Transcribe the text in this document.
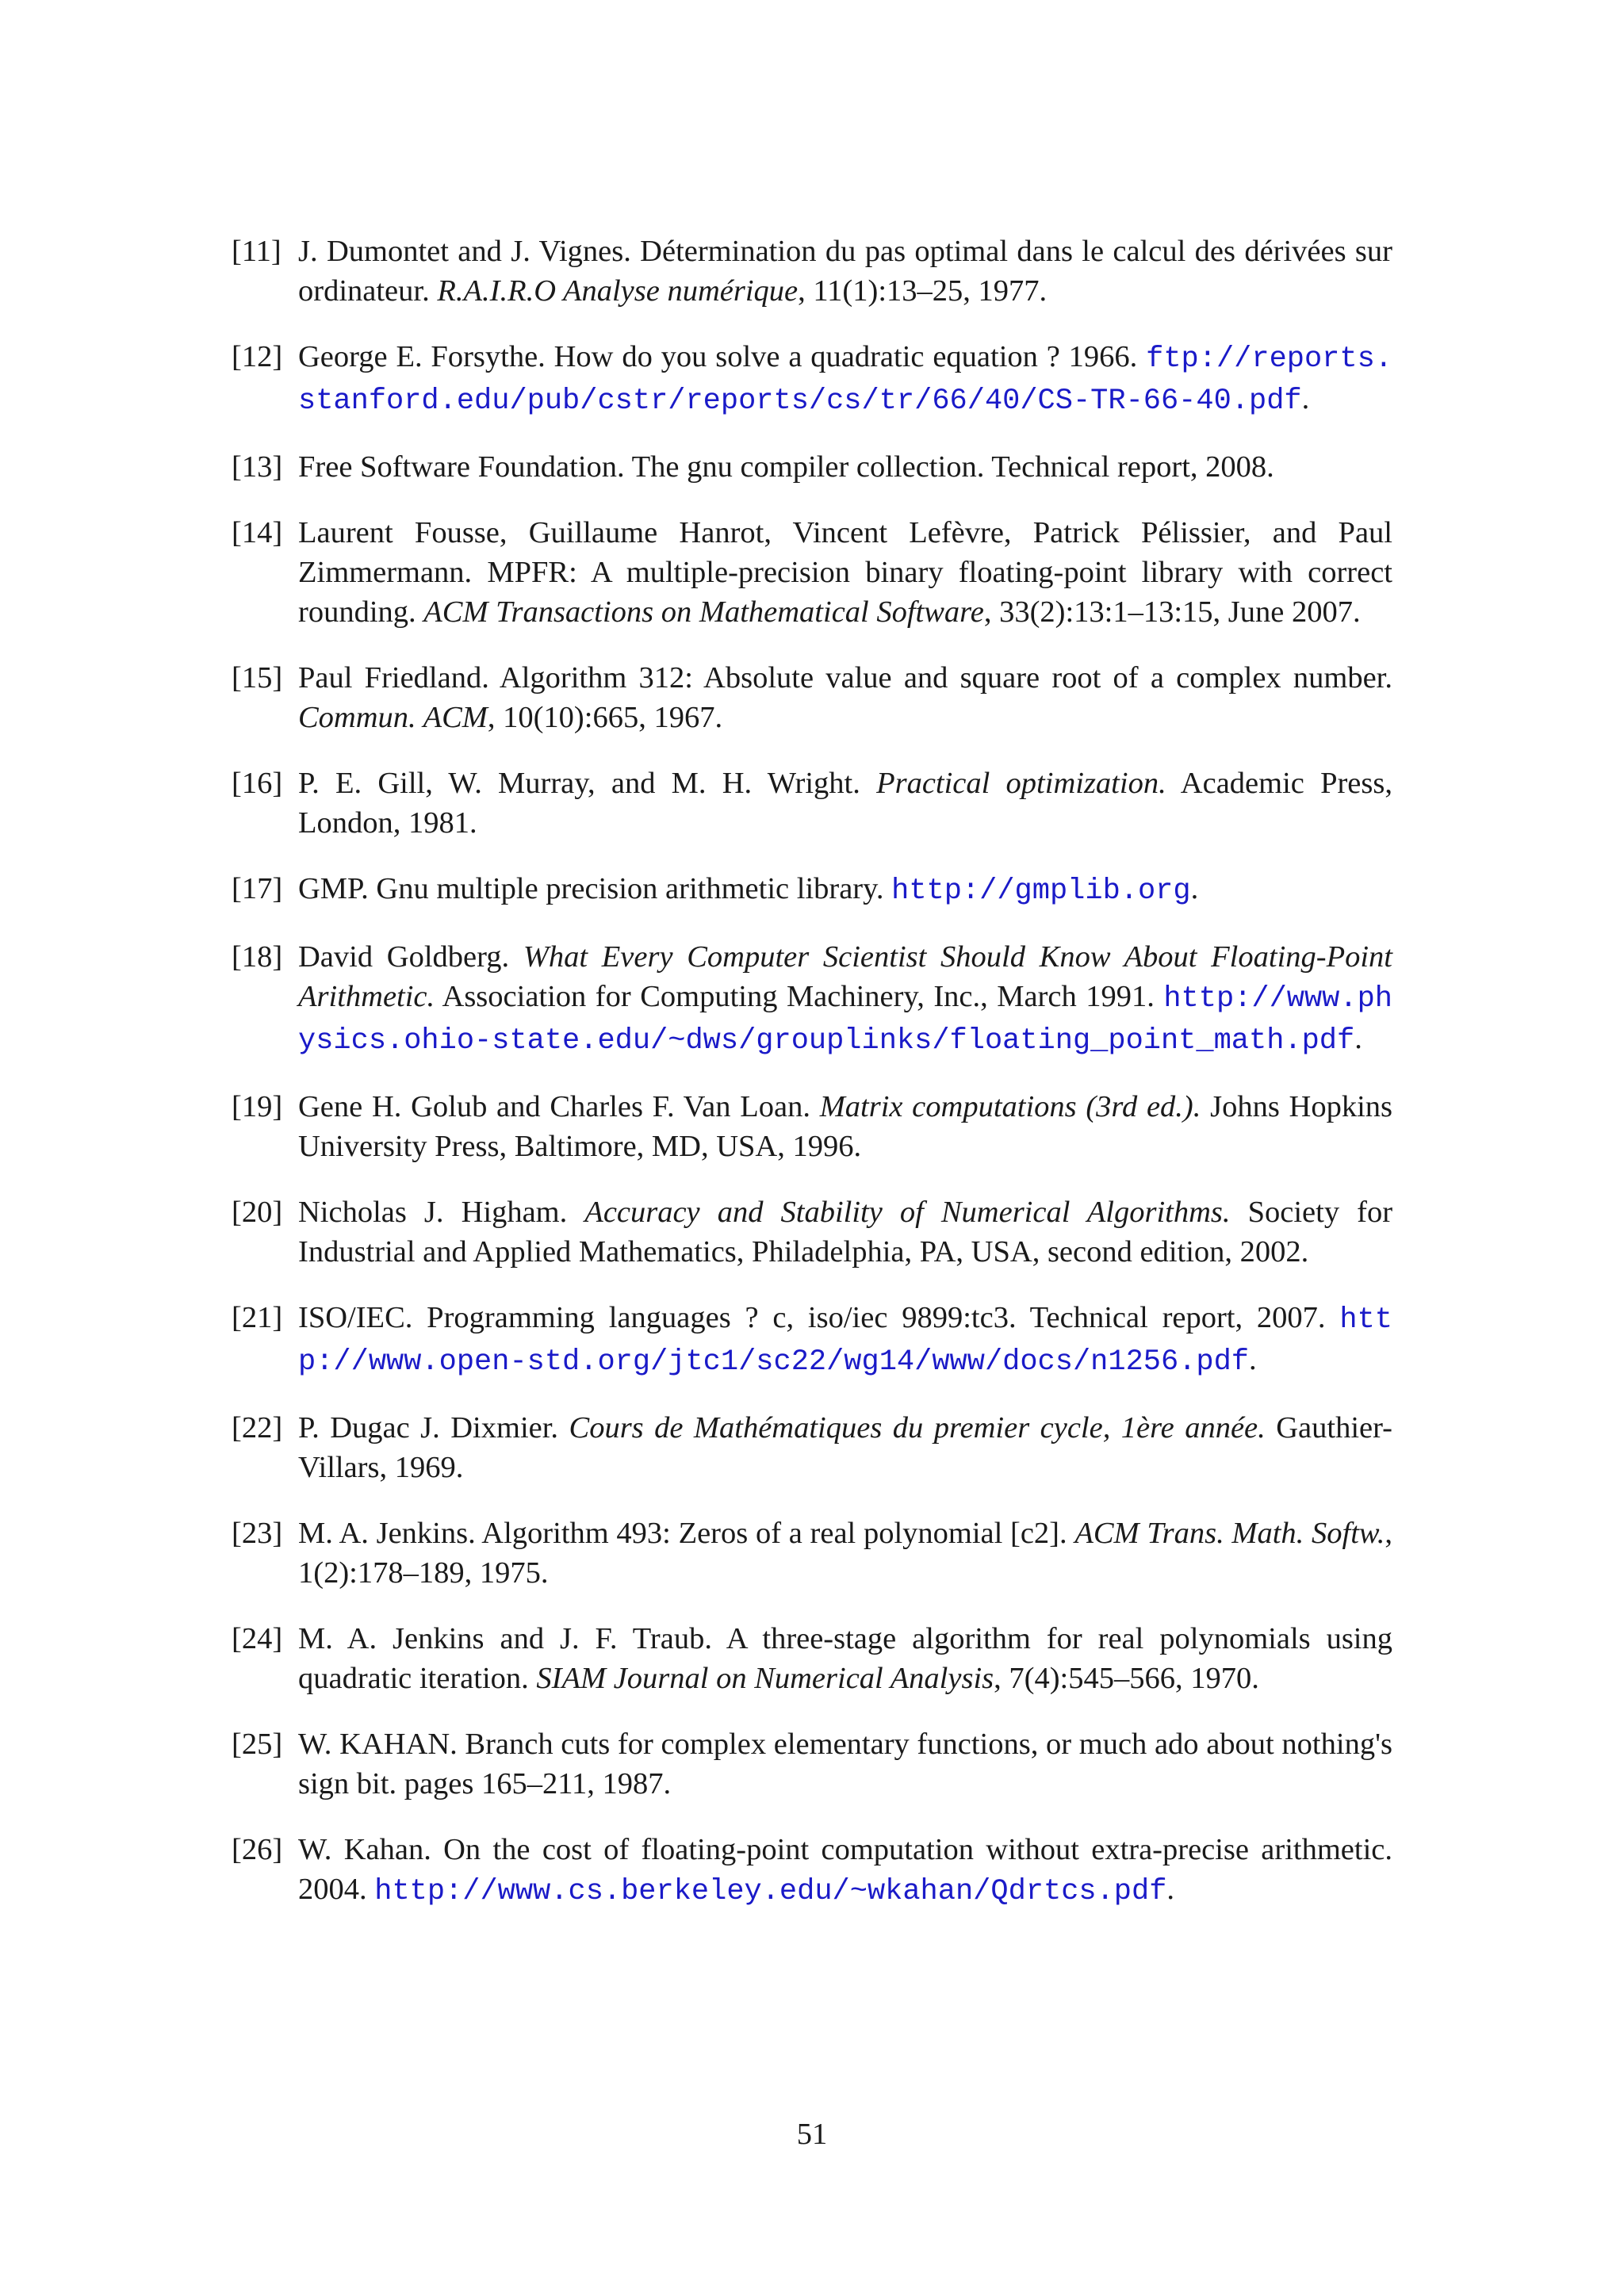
[11] J. Dumontet and J. Vignes. Détermination du pas optimal dans le calcul des dérivées sur ordinateur. R.A.I.R.O Analyse numérique, 11(1):13–25, 1977.
[12] George E. Forsythe. How do you solve a quadratic equation ? 1966. ftp://reports.stanford.edu/pub/cstr/reports/cs/tr/66/40/CS-TR-66-40.pdf.
[13] Free Software Foundation. The gnu compiler collection. Technical report, 2008.
[14] Laurent Fousse, Guillaume Hanrot, Vincent Lefèvre, Patrick Pélissier, and Paul Zimmermann. MPFR: A multiple-precision binary floating-point library with correct rounding. ACM Transactions on Mathematical Software, 33(2):13:1–13:15, June 2007.
[15] Paul Friedland. Algorithm 312: Absolute value and square root of a complex number. Commun. ACM, 10(10):665, 1967.
[16] P. E. Gill, W. Murray, and M. H. Wright. Practical optimization. Academic Press, London, 1981.
[17] GMP. Gnu multiple precision arithmetic library. http://gmplib.org.
[18] David Goldberg. What Every Computer Scientist Should Know About Floating-Point Arithmetic. Association for Computing Machinery, Inc., March 1991. http://www.physics.ohio-state.edu/~dws/grouplinks/floating_point_math.pdf.
[19] Gene H. Golub and Charles F. Van Loan. Matrix computations (3rd ed.). Johns Hopkins University Press, Baltimore, MD, USA, 1996.
[20] Nicholas J. Higham. Accuracy and Stability of Numerical Algorithms. Society for Industrial and Applied Mathematics, Philadelphia, PA, USA, second edition, 2002.
[21] ISO/IEC. Programming languages ? c, iso/iec 9899:tc3. Technical report, 2007. http://www.open-std.org/jtc1/sc22/wg14/www/docs/n1256.pdf.
[22] P. Dugac J. Dixmier. Cours de Mathématiques du premier cycle, 1ère année. Gauthier-Villars, 1969.
[23] M. A. Jenkins. Algorithm 493: Zeros of a real polynomial [c2]. ACM Trans. Math. Softw., 1(2):178–189, 1975.
[24] M. A. Jenkins and J. F. Traub. A three-stage algorithm for real polynomials using quadratic iteration. SIAM Journal on Numerical Analysis, 7(4):545–566, 1970.
[25] W. KAHAN. Branch cuts for complex elementary functions, or much ado about nothing's sign bit. pages 165–211, 1987.
[26] W. Kahan. On the cost of floating-point computation without extra-precise arithmetic. 2004. http://www.cs.berkeley.edu/~wkahan/Qdrtcs.pdf.
51
